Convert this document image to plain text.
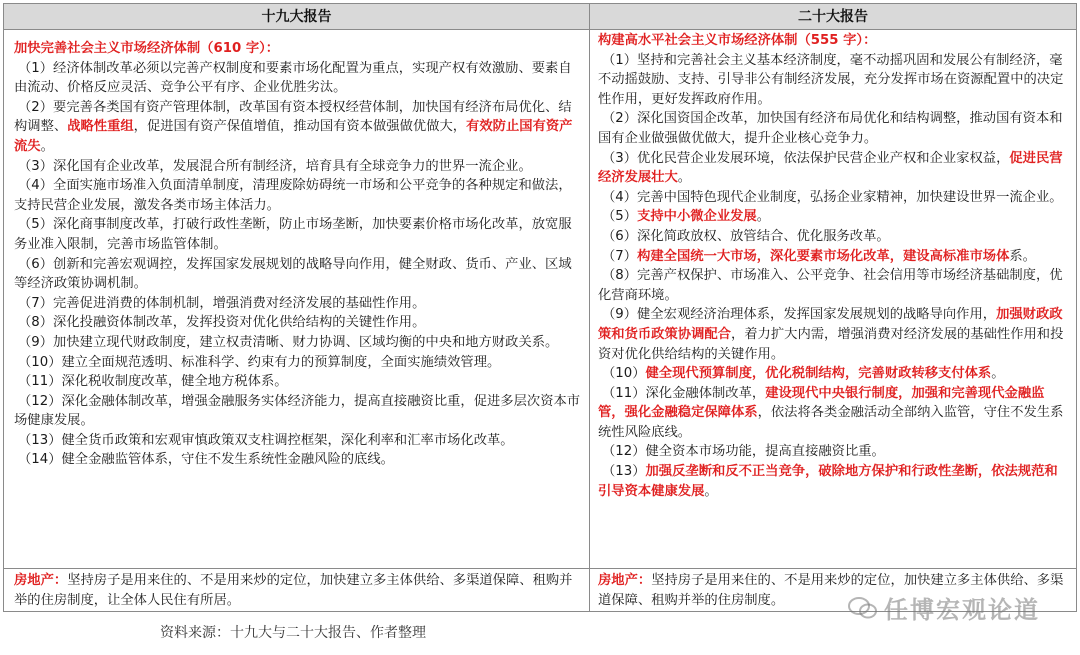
十九大报告	二十大报告
加快完善社会主义市场经济体制（610 字）：
（1）经济体制改革必须以完善产权制度和要素市场化配置为重点，实现产权有效激励、要素自由流动、价格反应灵活、竞争公平有序、企业优胜劣汰。
（2）要完善各类国有资产管理体制，改革国有资本授权经营体制，加快国有经济布局优化、结构调整、战略性重组，促进国有资产保值增值，推动国有资本做强做优做大，有效防止国有资产流失。
（3）深化国有企业改革，发展混合所有制经济，培育具有全球竞争力的世界一流企业。
（4）全面实施市场准入负面清单制度，清理废除妨碍统一市场和公平竞争的各种规定和做法，支持民营企业发展，激发各类市场主体活力。
（5）深化商事制度改革，打破行政性垄断，防止市场垄断，加快要素价格市场化改革，放宽服务业准入限制，完善市场监管体制。
（6）创新和完善宏观调控，发挥国家发展规划的战略导向作用，健全财政、货币、产业、区域等经济政策协调机制。
（7）完善促进消费的体制机制，增强消费对经济发展的基础性作用。
（8）深化投融资体制改革，发挥投资对优化供给结构的关键性作用。
（9）加快建立现代财政制度，建立权责清晰、财力协调、区域均衡的中央和地方财政关系。
（10）建立全面规范透明、标准科学、约束有力的预算制度，全面实施绩效管理。
（11）深化税收制度改革，健全地方税体系。
（12）深化金融体制改革，增强金融服务实体经济能力，提高直接融资比重，促进多层次资本市场健康发展。
（13）健全货币政策和宏观审慎政策双支柱调控框架，深化利率和汇率市场化改革。
（14）健全金融监管体系，守住不发生系统性金融风险的底线。
构建高水平社会主义市场经济体制（555 字）：
（1）坚持和完善社会主义基本经济制度，毫不动摇巩固和发展公有制经济，毫不动摇鼓励、支持、引导非公有制经济发展，充分发挥市场在资源配置中的决定性作用，更好发挥政府作用。
（2）深化国资国企改革，加快国有经济布局优化和结构调整，推动国有资本和国有企业做强做优做大，提升企业核心竞争力。
（3）优化民营企业发展环境，依法保护民营企业产权和企业家权益，促进民营经济发展壮大。
（4）完善中国特色现代企业制度，弘扬企业家精神，加快建设世界一流企业。
（5）支持中小微企业发展。
（6）深化简政放权、放管结合、优化服务改革。
（7）构建全国统一大市场，深化要素市场化改革，建设高标准市场体系。
（8）完善产权保护、市场准入、公平竞争、社会信用等市场经济基础制度，优化营商环境。
（9）健全宏观经济治理体系，发挥国家发展规划的战略导向作用，加强财政政策和货币政策协调配合，着力扩大内需，增强消费对经济发展的基础性作用和投资对优化供给结构的关键作用。
（10）健全现代预算制度，优化税制结构，完善财政转移支付体系。
（11）深化金融体制改革，建设现代中央银行制度，加强和完善现代金融监管，强化金融稳定保障体系，依法将各类金融活动全部纳入监管，守住不发生系统性风险底线。
（12）健全资本市场功能，提高直接融资比重。
（13）加强反垄断和反不正当竞争，破除地方保护和行政性垄断，依法规范和引导资本健康发展。
房地产：坚持房子是用来住的、不是用来炒的定位，加快建立多主体供给、多渠道保障、租购并举的住房制度，让全体人民住有所居。
房地产：坚持房子是用来住的、不是用来炒的定位，加快建立多主体供给、多渠道保障、租购并举的住房制度。
资料来源：十九大与二十大报告、作者整理
任博宏观论道
